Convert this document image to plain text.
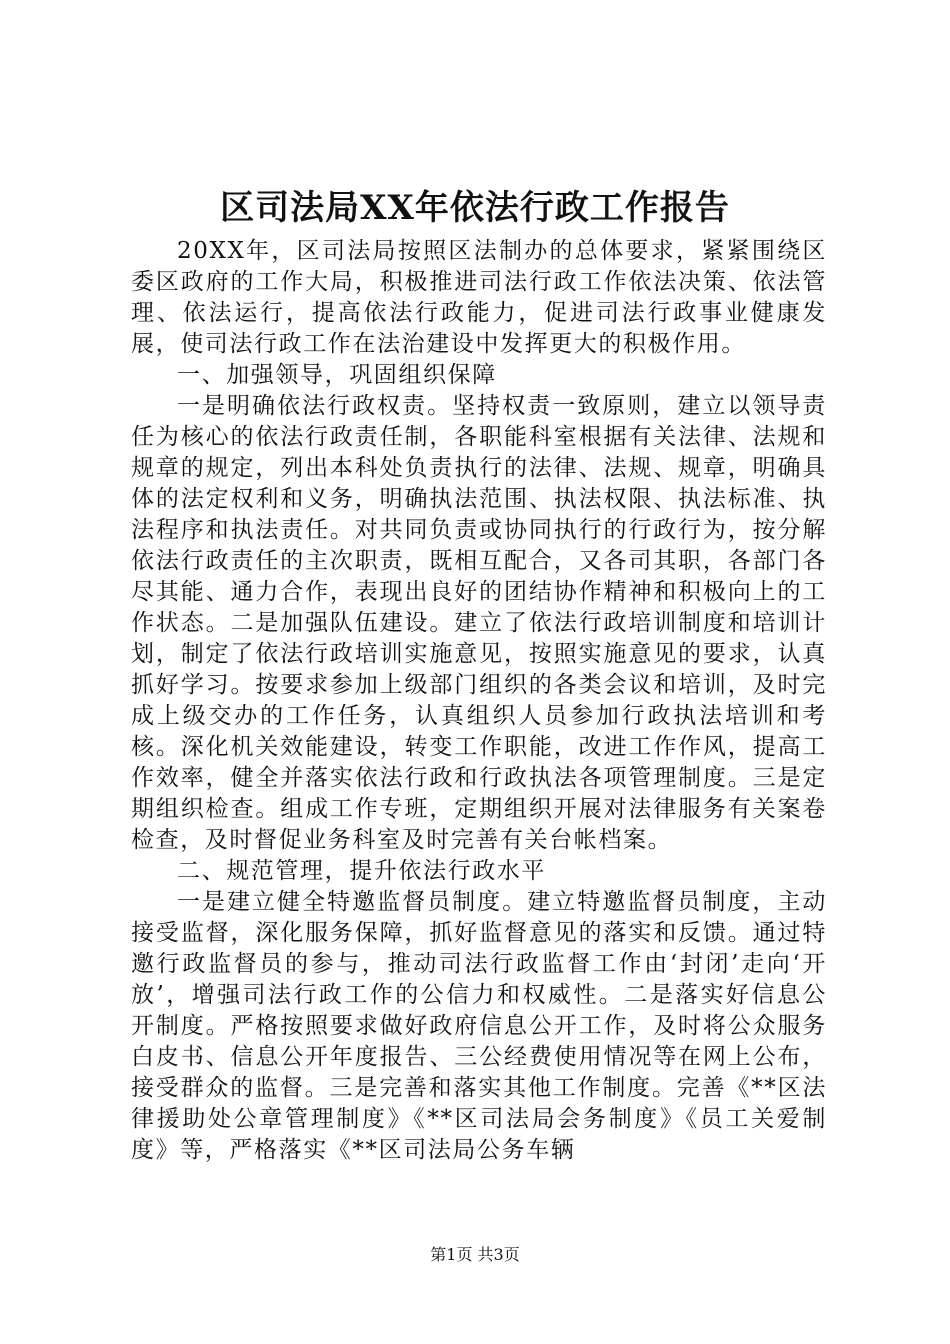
区司法局XX年依法行政工作报告

20XX年，区司法局按照区法制办的总体要求，紧紧围绕区委区政府的工作大局，积极推进司法行政工作依法决策、依法管理、依法运行，提高依法行政能力，促进司法行政事业健康发展，使司法行政工作在法治建设中发挥更大的积极作用。

一、加强领导，巩固组织保障

一是明确依法行政权责。坚持权责一致原则，建立以领导责任为核心的依法行政责任制，各职能科室根据有关法律、法规和规章的规定，列出本科处负责执行的法律、法规、规章，明确具体的法定权利和义务，明确执法范围、执法权限、执法标准、执法程序和执法责任。对共同负责或协同执行的行政行为，按分解依法行政责任的主次职责，既相互配合，又各司其职，各部门各尽其能、通力合作，表现出良好的团结协作精神和积极向上的工作状态。二是加强队伍建设。建立了依法行政培训制度和培训计划，制定了依法行政培训实施意见，按照实施意见的要求，认真抓好学习。按要求参加上级部门组织的各类会议和培训，及时完成上级交办的工作任务，认真组织人员参加行政执法培训和考核。深化机关效能建设，转变工作职能，改进工作作风，提高工作效率，健全并落实依法行政和行政执法各项管理制度。三是定期组织检查。组成工作专班，定期组织开展对法律服务有关案卷检查，及时督促业务科室及时完善有关台帐档案。

二、规范管理，提升依法行政水平

一是建立健全特邀监督员制度。建立特邀监督员制度，主动接受监督，深化服务保障，抓好监督意见的落实和反馈。通过特邀行政监督员的参与，推动司法行政监督工作由‘封闭’走向‘开放’，增强司法行政工作的公信力和权威性。二是落实好信息公开制度。严格按照要求做好政府信息公开工作，及时将公众服务白皮书、信息公开年度报告、三公经费使用情况等在网上公布，接受群众的监督。三是完善和落实其他工作制度。完善《**区法律援助处公章管理制度》《**区司法局会务制度》《员工关爱制度》等，严格落实《**区司法局公务车辆

第1页 共3页
